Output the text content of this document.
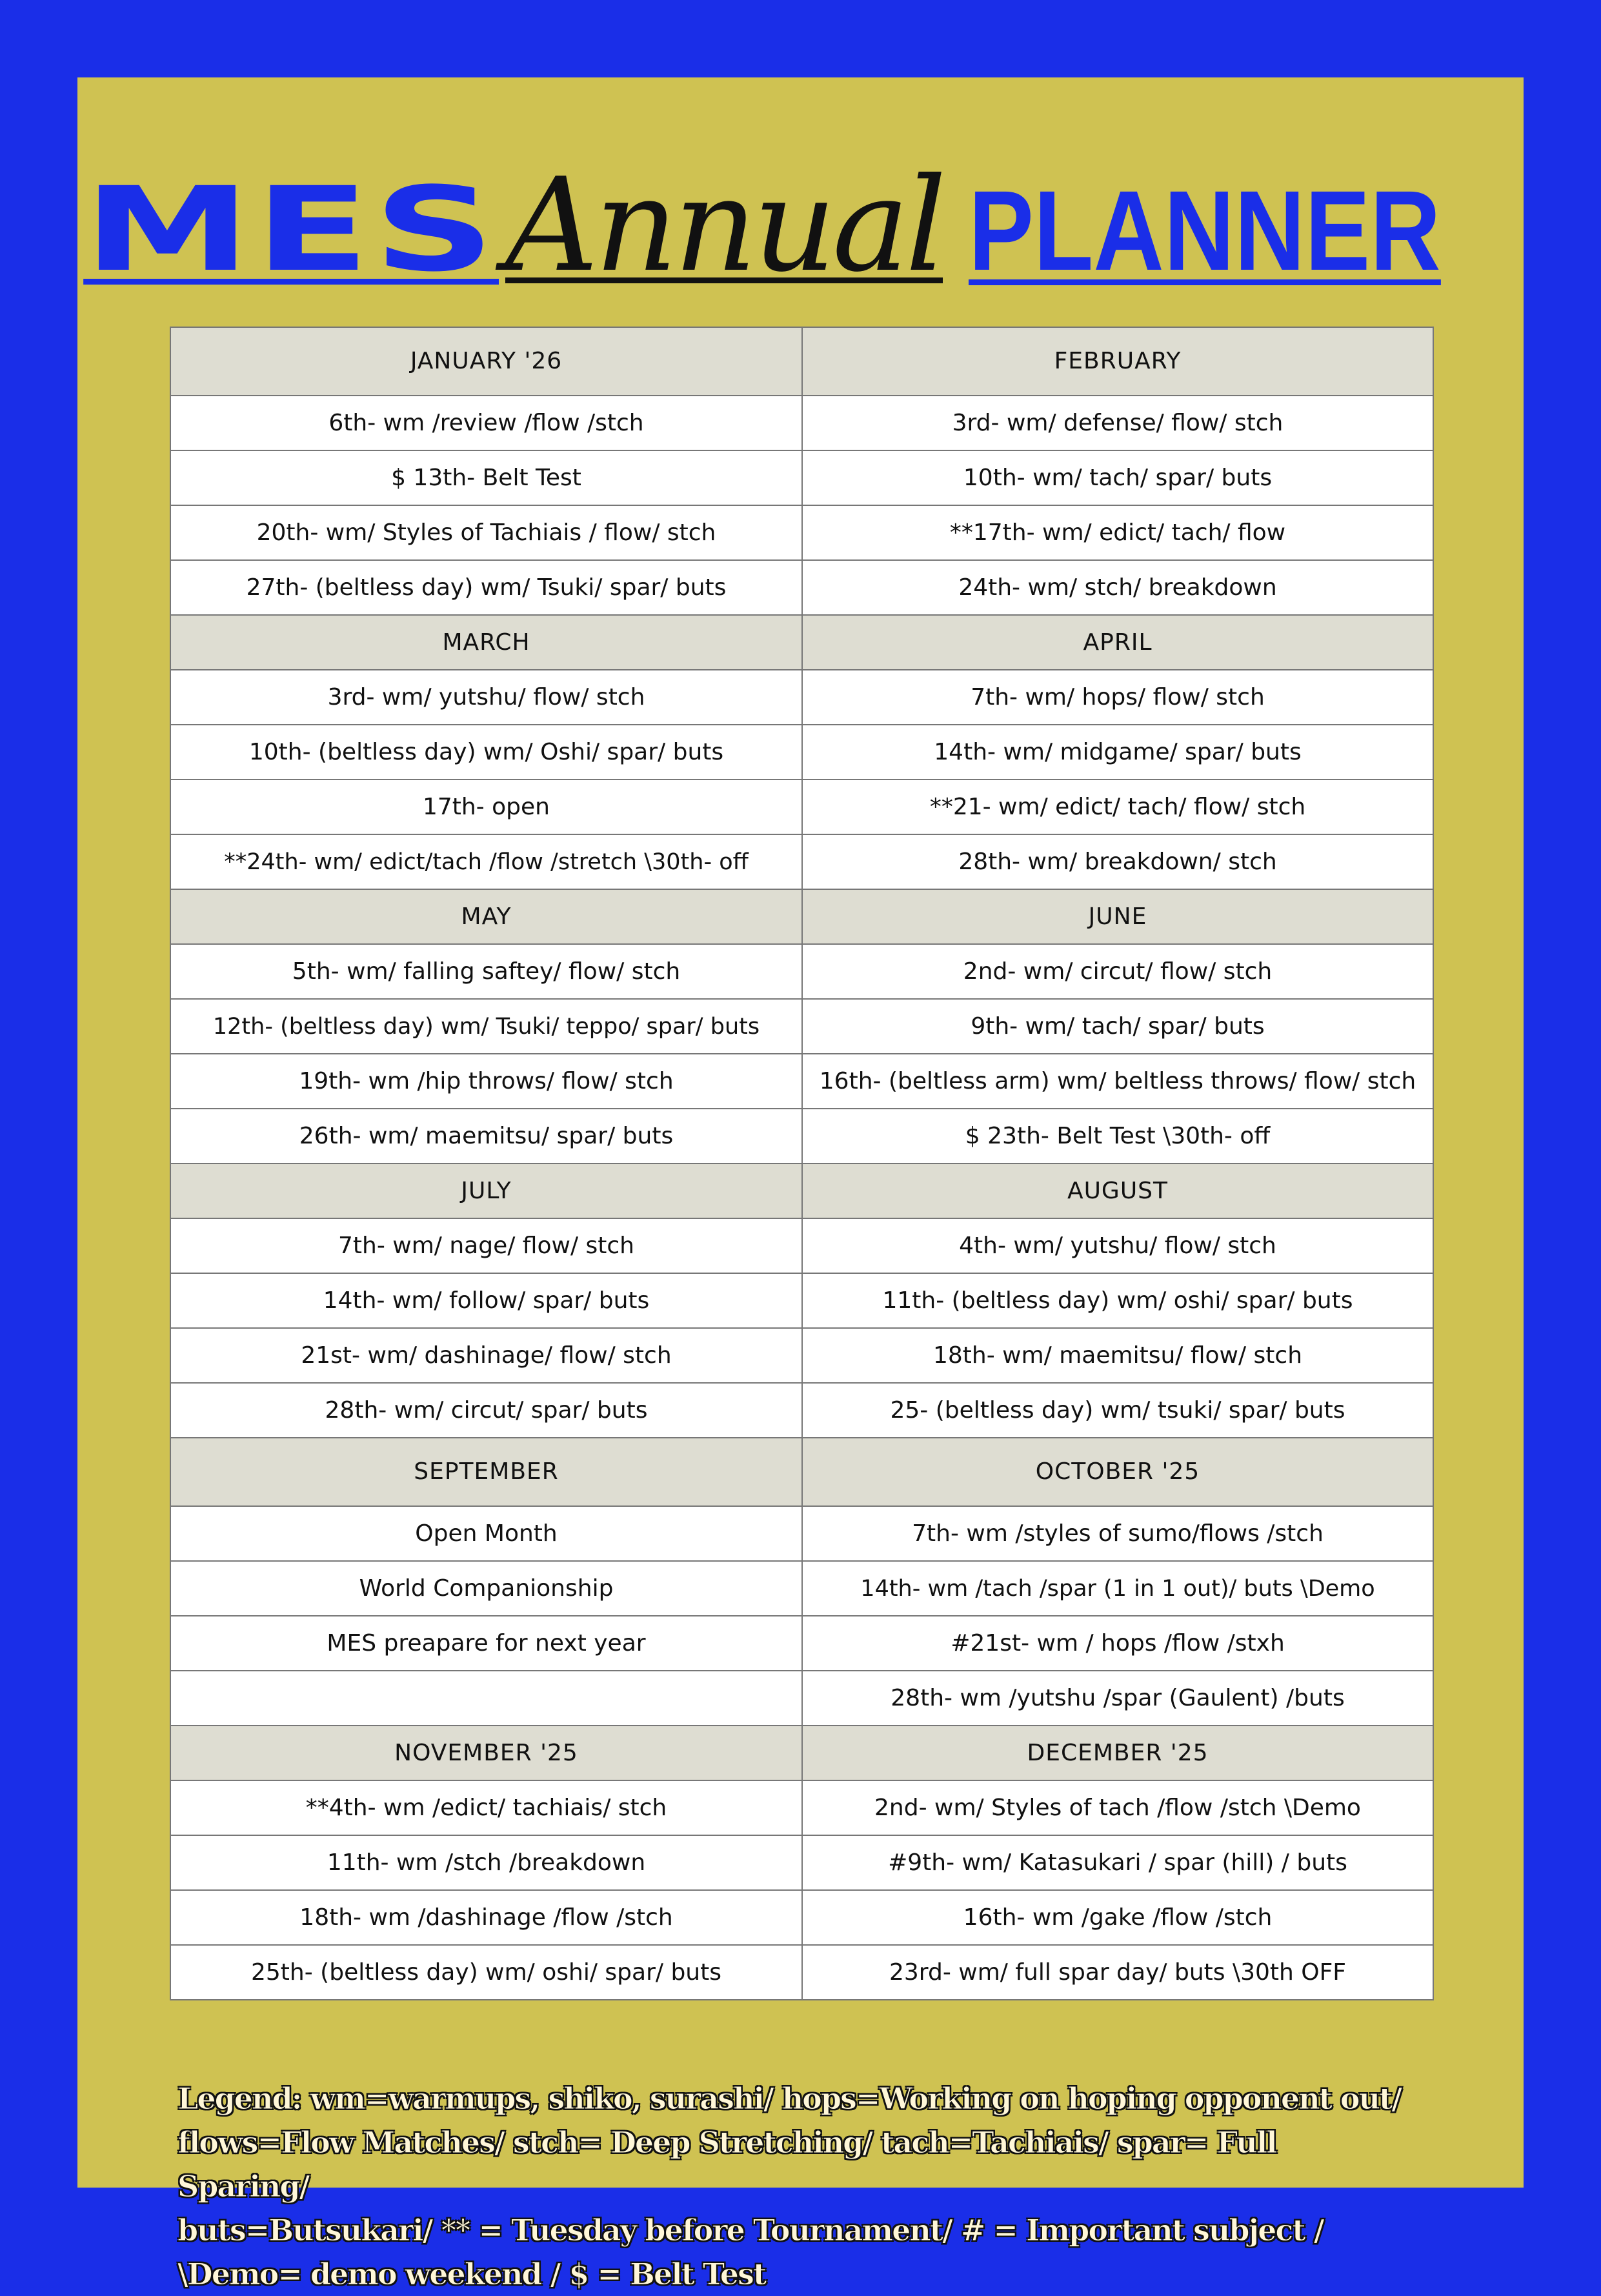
MESAnnual PLANNER
JANUARY '26	FEBRUARY
6th- wm /review /flow /stch	3rd- wm/ defense/ flow/ stch
$ 13th- Belt Test	10th- wm/ tach/ spar/ buts
20th- wm/ Styles of Tachiais / flow/ stch	**17th- wm/ edict/ tach/ flow
27th- (beltless day) wm/ Tsuki/ spar/ buts	24th- wm/ stch/ breakdown
MARCH	APRIL
3rd- wm/ yutshu/ flow/ stch	7th- wm/ hops/ flow/ stch
10th- (beltless day) wm/ Oshi/ spar/ buts	14th- wm/ midgame/ spar/ buts
17th- open	**21- wm/ edict/ tach/ flow/ stch
**24th- wm/ edict/tach /flow /stretch \30th- off	28th- wm/ breakdown/ stch
MAY	JUNE
5th- wm/ falling saftey/ flow/ stch	2nd- wm/ circut/ flow/ stch
12th- (beltless day) wm/ Tsuki/ teppo/ spar/ buts	9th- wm/ tach/ spar/ buts
19th- wm /hip throws/ flow/ stch	16th- (beltless arm) wm/ beltless throws/ flow/ stch
26th- wm/ maemitsu/ spar/ buts	$ 23th- Belt Test \30th- off
JULY	AUGUST
7th- wm/ nage/ flow/ stch	4th- wm/ yutshu/ flow/ stch
14th- wm/ follow/ spar/ buts	11th- (beltless day) wm/ oshi/ spar/ buts
21st- wm/ dashinage/ flow/ stch	18th- wm/ maemitsu/ flow/ stch
28th- wm/ circut/ spar/ buts	25- (beltless day) wm/ tsuki/ spar/ buts
SEPTEMBER	OCTOBER '25
Open Month	7th- wm /styles of sumo/flows /stch
World Companionship	14th- wm /tach /spar (1 in 1 out)/ buts \Demo
MES preapare for next year	#21st- wm / hops /flow /stxh
	28th- wm /yutshu /spar (Gaulent) /buts
NOVEMBER '25	DECEMBER '25
**4th- wm /edict/ tachiais/ stch	2nd- wm/ Styles of tach /flow /stch \Demo
11th- wm /stch /breakdown	#9th- wm/ Katasukari / spar (hill) / buts
18th- wm /dashinage /flow /stch	16th- wm /gake /flow /stch
25th- (beltless day) wm/ oshi/ spar/ buts	23rd- wm/ full spar day/ buts \30th OFF
Legend: wm=warmups, shiko, surashi/ hops=Working on hoping opponent out/
flows=Flow Matches/ stch= Deep Stretching/ tach=Tachiais/ spar= Full Sparing/
buts=Butsukari/ ** = Tuesday before Tournament/ # = Important subject /
\Demo= demo weekend / $ = Belt Test
